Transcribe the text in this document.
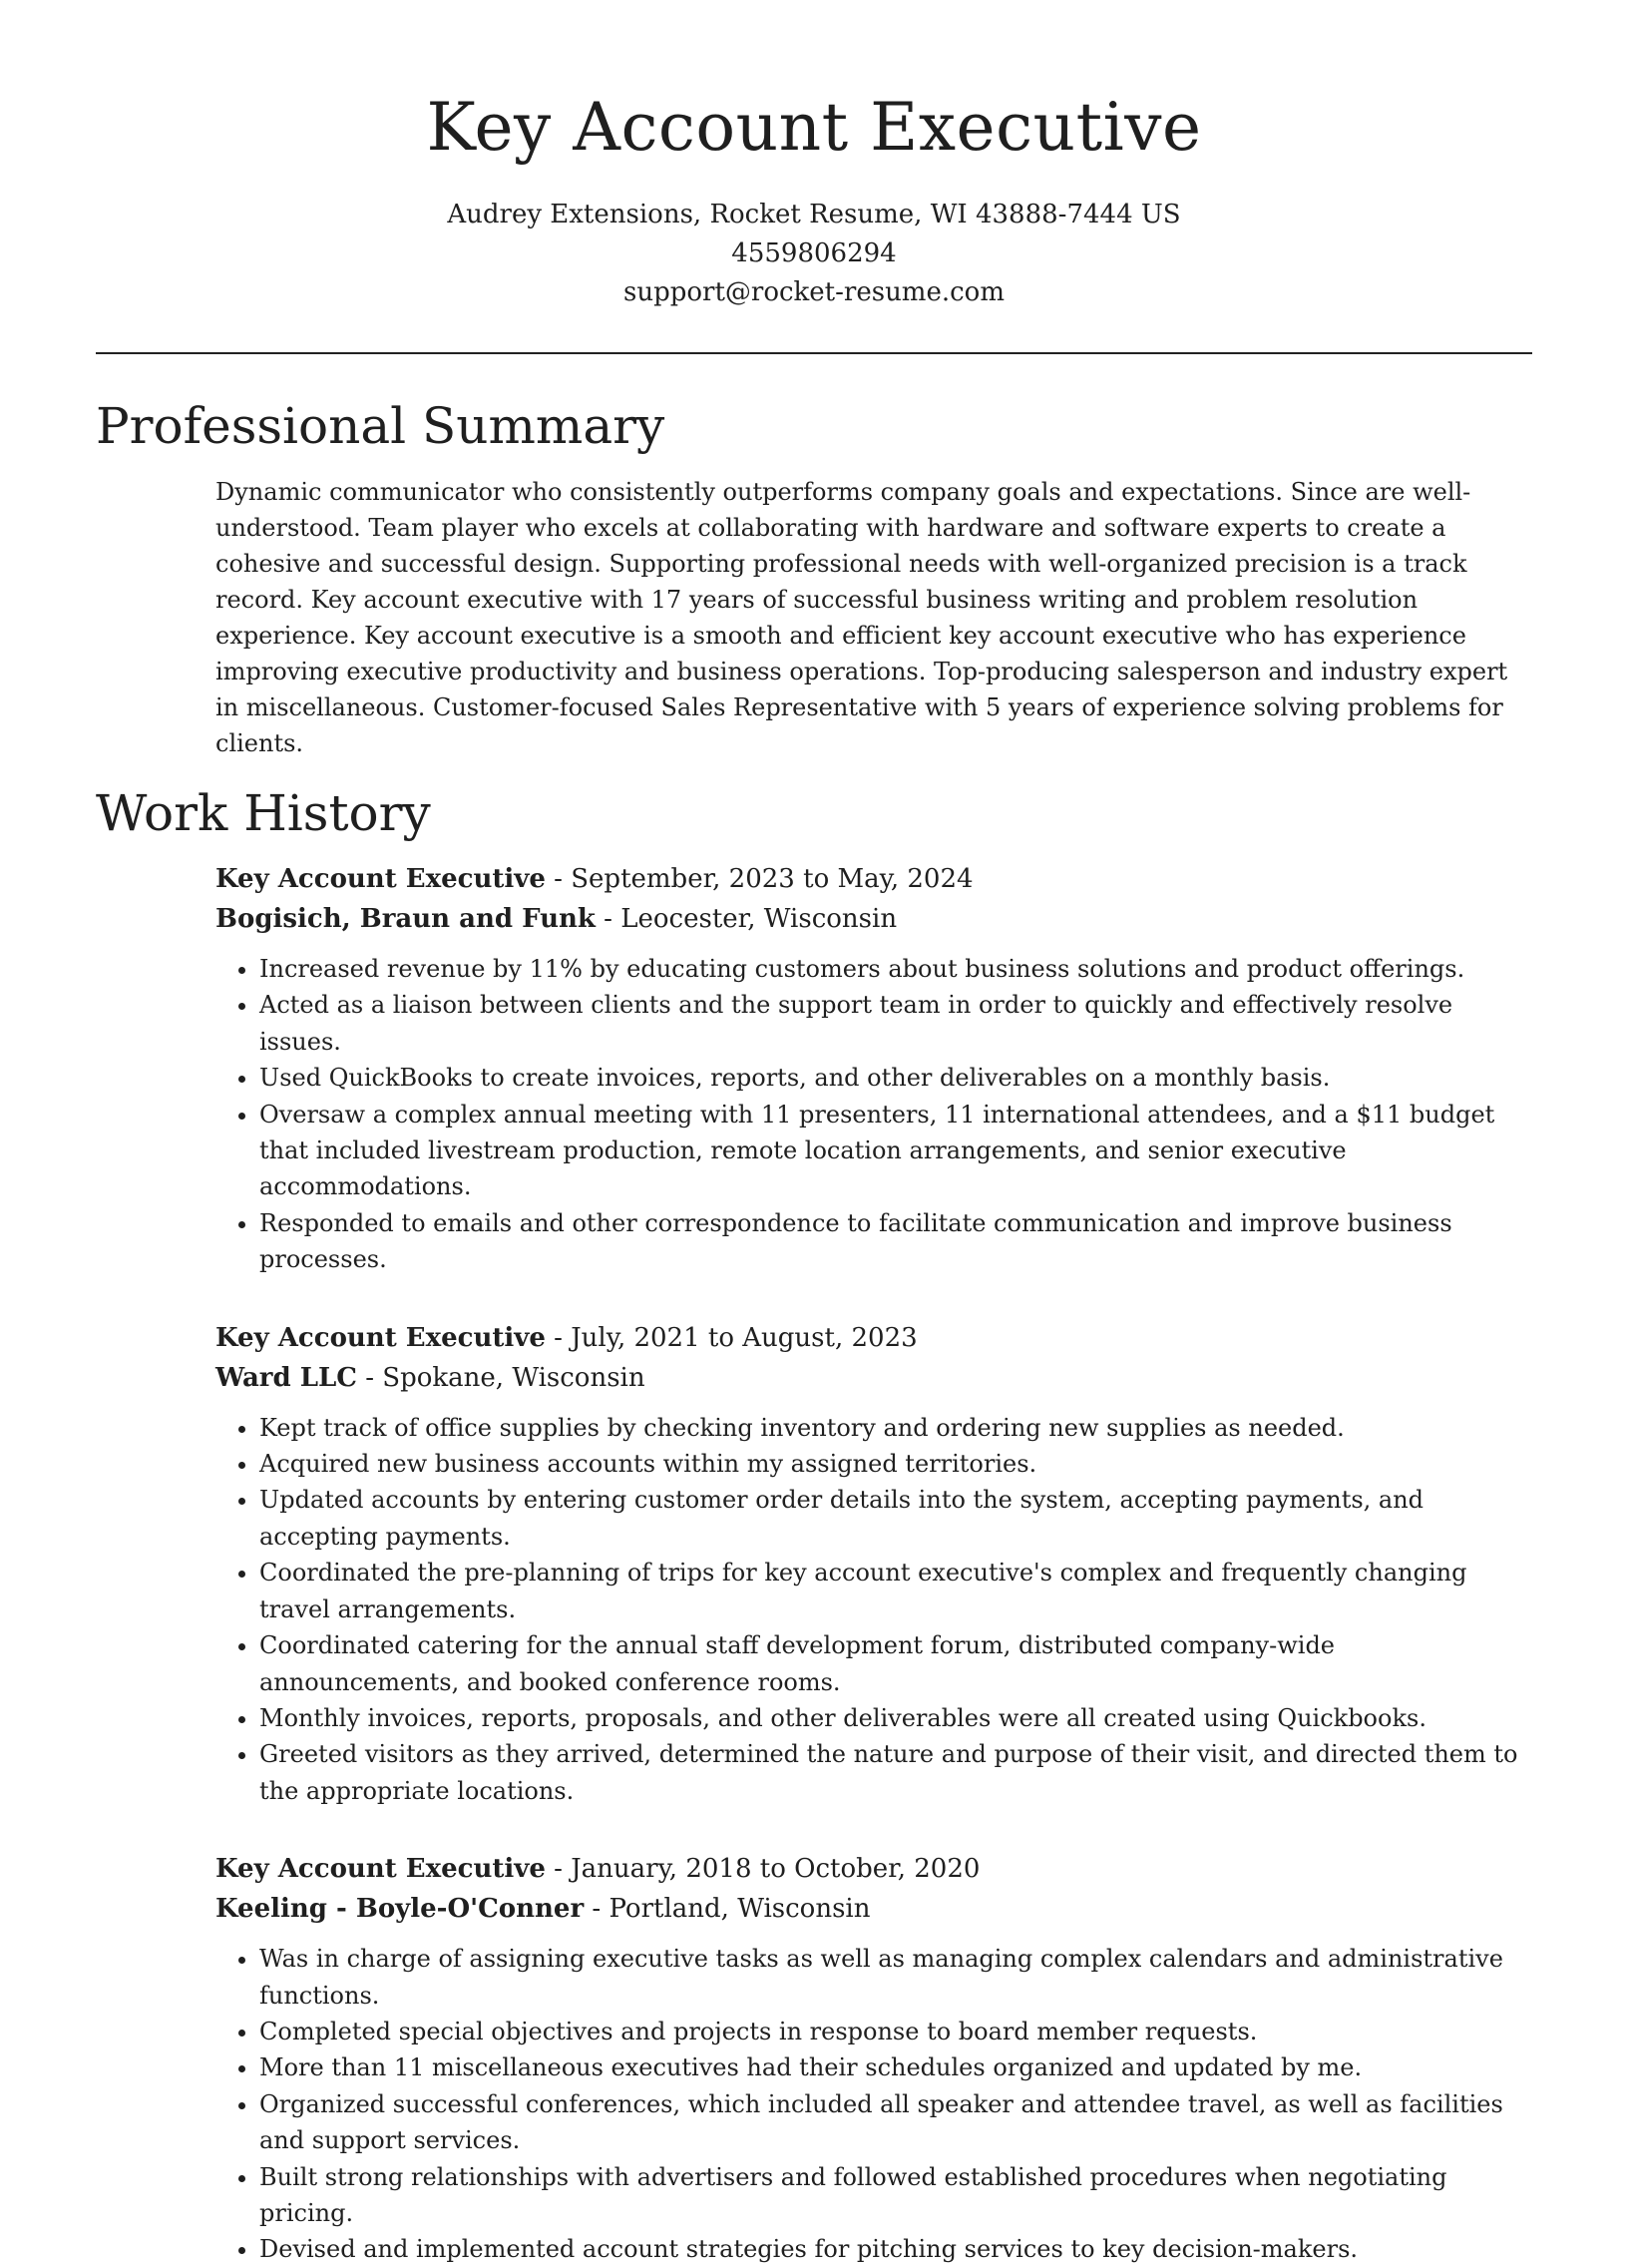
Key Account Executive
Audrey Extensions, Rocket Resume, WI 43888-7444 US
4559806294
support@rocket-resume.com
Professional Summary

Dynamic communicator who consistently outperforms company goals and expectations. Since are well-understood. Team player who excels at collaborating with hardware and software experts to create a cohesive and successful design. Supporting professional needs with well-organized precision is a track record. Key account executive with 17 years of successful business writing and problem resolution experience. Key account executive is a smooth and efficient key account executive who has experience improving executive productivity and business operations. Top-producing salesperson and industry expert in miscellaneous. Customer-focused Sales Representative with 5 years of experience solving problems for clients.

Work History
Key Account Executive - September, 2023 to May, 2024
Bogisich, Braun and Funk - Leocester, Wisconsin
• Increased revenue by 11% by educating customers about business solutions and product offerings.
• Acted as a liaison between clients and the support team in order to quickly and effectively resolve issues.
• Used QuickBooks to create invoices, reports, and other deliverables on a monthly basis.
• Oversaw a complex annual meeting with 11 presenters, 11 international attendees, and a $11 budget that included livestream production, remote location arrangements, and senior executive accommodations.
• Responded to emails and other correspondence to facilitate communication and improve business processes.
Key Account Executive - July, 2021 to August, 2023
Ward LLC - Spokane, Wisconsin
• Kept track of office supplies by checking inventory and ordering new supplies as needed.
• Acquired new business accounts within my assigned territories.
• Updated accounts by entering customer order details into the system, accepting payments, and accepting payments.
• Coordinated the pre-planning of trips for key account executive's complex and frequently changing travel arrangements.
• Coordinated catering for the annual staff development forum, distributed company-wide announcements, and booked conference rooms.
• Monthly invoices, reports, proposals, and other deliverables were all created using Quickbooks.
• Greeted visitors as they arrived, determined the nature and purpose of their visit, and directed them to the appropriate locations.
Key Account Executive - January, 2018 to October, 2020
Keeling - Boyle-O'Conner - Portland, Wisconsin
• Was in charge of assigning executive tasks as well as managing complex calendars and administrative functions.
• Completed special objectives and projects in response to board member requests.
• More than 11 miscellaneous executives had their schedules organized and updated by me.
• Organized successful conferences, which included all speaker and attendee travel, as well as facilities and support services.
• Built strong relationships with advertisers and followed established procedures when negotiating pricing.
• Devised and implemented account strategies for pitching services to key decision-makers.
